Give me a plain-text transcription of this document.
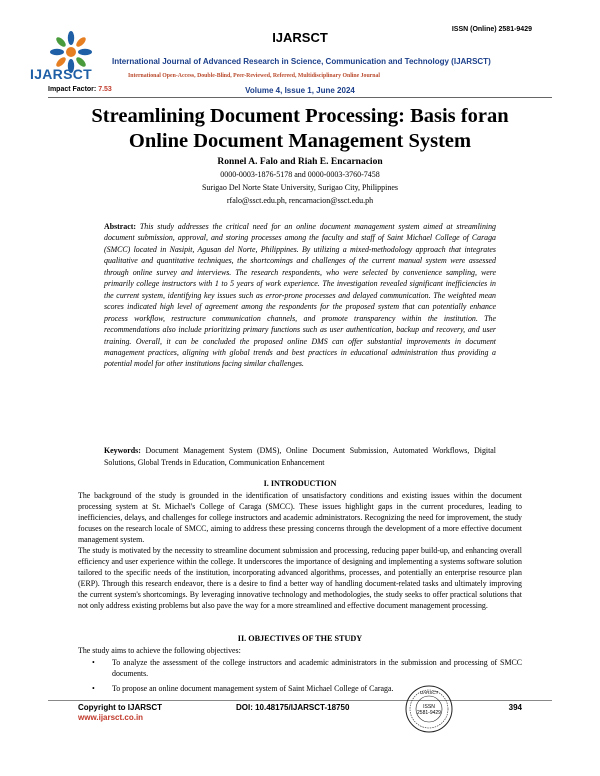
IJARSCT
ISSN (Online) 2581-9429
IJARSCT
International Journal of Advanced Research in Science, Communication and Technology (IJARSCT)
International Open-Access, Double-Blind, Peer-Reviewed, Refereed, Multidisciplinary Online Journal
Impact Factor: 7.53	Volume 4, Issue 1, June 2024
Streamlining Document Processing: Basis foran
Online Document Management System
Ronnel A. Falo and Riah E. Encarnacion
0000-0003-1876-5178 and 0000-0003-3760-7458
Surigao Del Norte State University, Surigao City, Philippines
rfalo@ssct.edu.ph, rencarnacion@ssct.edu.ph
Abstract: This study addresses the critical need for an online document management system aimed at streamlining document submission, approval, and storing processes among the faculty and staff of Saint Michael College of Caraga (SMCC) located in Nasipit, Agusan del Norte, Philippines. By utilizing a mixed-methodology approach that integrates qualitative and quantitative techniques, the shortcomings and challenges of the current manual system were assessed through online survey and interviews. The research respondents, who were selected by convenience sampling, were primarily college instructors with 1 to 5 years of work experience. The investigation revealed significant inefficiencies in the current system, identifying key issues such as error-prone processes and delayed communication. The weighted mean scores indicated high level of agreement among the respondents for the proposed system that can potentially enhance process workflow, restructure communication channels, and promote transparency within the institution. The recommendations also include prioritizing primary functions such as user authentication, backup and recovery, and user training. Overall, it can be concluded the proposed online DMS can offer substantial improvements in document management practices, aligning with global trends and best practices in educational administration thus providing a potential model for other institutions facing similar challenges.
Keywords: Document Management System (DMS), Online Document Submission, Automated Workflows, Digital Solutions, Global Trends in Education, Communication Enhancement
I. INTRODUCTION
The background of the study is grounded in the identification of unsatisfactory conditions and existing issues within the document processing system at St. Michael's College of Caraga (SMCC). These issues highlight gaps in the current procedures, leading to inefficiencies, delays, and challenges for college instructors and academic administrators. Recognizing the need for improvement, the study focuses on the research locale of SMCC, aiming to address these pressing concerns through the development of a more effective document management system.
The study is motivated by the necessity to streamline document submission and processing, reducing paper build-up, and enhancing overall efficiency and user experience within the college. It underscores the importance of designing and implementing a systems software solution tailored to the specific needs of the institution, incorporating advanced algorithms, processes, and potentially an enterprise resource plan (ERP). Through this research endeavor, there is a desire to find a better way of handling document-related tasks and ultimately improving the current system's shortcomings. By leveraging innovative technology and methodologies, the study seeks to offer practical solutions that not only address existing problems but also pave the way for a more streamlined and effective document management processing.
II. OBJECTIVES OF THE STUDY
The study aims to achieve the following objectives:
• To analyze the assessment of the college instructors and academic administrators in the submission and processing of SMCC documents.
• To propose an online document management system of Saint Michael College of Caraga.
Copyright to IJARSCT
www.ijarsct.co.in
DOI: 10.48175/IJARSCT-18750	394
ISSN
2581-9429
IJARSCT
